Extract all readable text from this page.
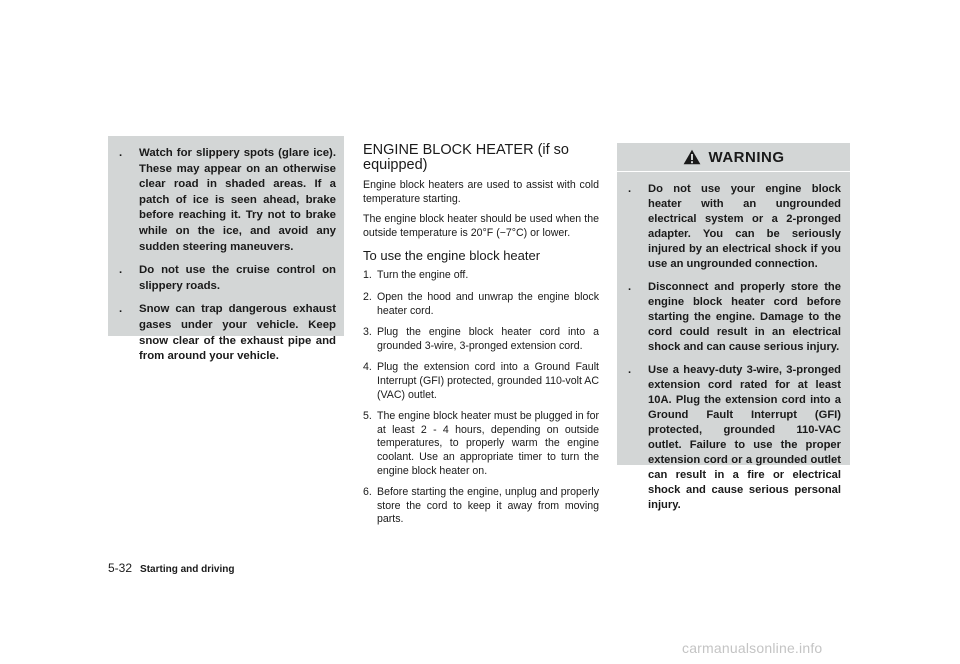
. Watch for slippery spots (glare ice). These may appear on an otherwise clear road in shaded areas. If a patch of ice is seen ahead, brake before reaching it. Try not to brake while on the ice, and avoid any sudden steering maneuvers.
. Do not use the cruise control on slippery roads.
. Snow can trap dangerous exhaust gases under your vehicle. Keep snow clear of the exhaust pipe and from around your vehicle.
ENGINE BLOCK HEATER (if so equipped)

Engine block heaters are used to assist with cold temperature starting.

The engine block heater should be used when the outside temperature is 20°F (−7°C) or lower.

To use the engine block heater
1. Turn the engine off.
2. Open the hood and unwrap the engine block heater cord.
3. Plug the engine block heater cord into a grounded 3-wire, 3-pronged extension cord.
4. Plug the extension cord into a Ground Fault Interrupt (GFI) protected, grounded 110-volt AC (VAC) outlet.
5. The engine block heater must be plugged in for at least 2 - 4 hours, depending on outside temperatures, to properly warm the engine coolant. Use an appropriate timer to turn the engine block heater on.
6. Before starting the engine, unplug and properly store the cord to keep it away from moving parts.
WARNING
. Do not use your engine block heater with an ungrounded electrical system or a 2-pronged adapter. You can be seriously injured by an electrical shock if you use an ungrounded connection.
. Disconnect and properly store the engine block heater cord before starting the engine. Damage to the cord could result in an electrical shock and can cause serious injury.
. Use a heavy-duty 3-wire, 3-pronged extension cord rated for at least 10A. Plug the extension cord into a Ground Fault Interrupt (GFI) protected, grounded 110-VAC outlet. Failure to use the proper extension cord or a grounded outlet can result in a fire or electrical shock and cause serious personal injury.
5-32 Starting and driving
carmanualsonline.info
